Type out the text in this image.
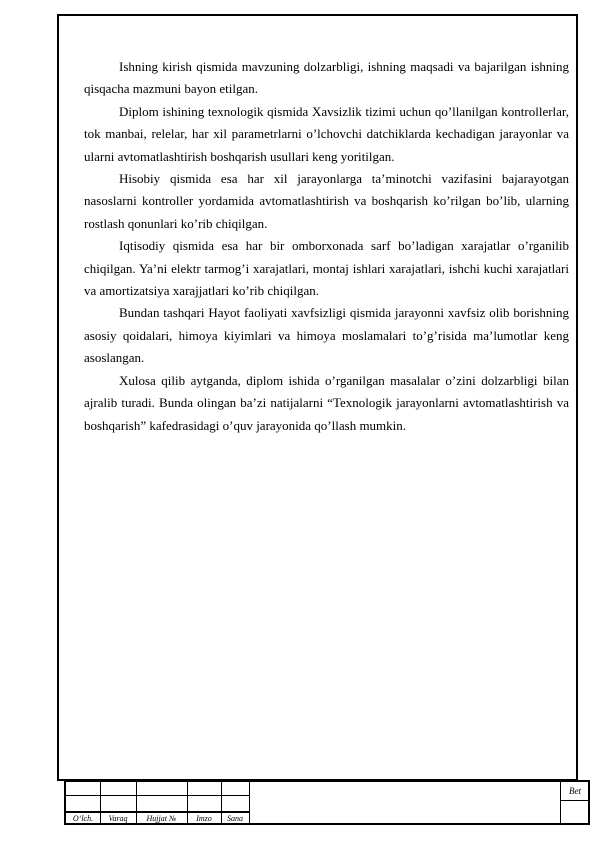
Ishning kirish qismida mavzuning dolzarbligi, ishning maqsadi va bajarilgan ishning qisqacha mazmuni bayon etilgan.

Diplom ishining texnologik qismida Xavsizlik tizimi uchun qo’llanilgan kontrollerlar, tok manbai, relelar, har xil parametrlarni o’lchovchi datchiklarda kechadigan jarayonlar va ularni avtomatlashtirish boshqarish usullari keng yoritilgan.

Hisobiy qismida esa har xil jarayonlarga ta’minotchi vazifasini bajarayotgan nasoslarni kontroller yordamida avtomatlashtirish va boshqarish ko’rilgan bo’lib, ularning rostlash qonunlari ko’rib chiqilgan.

Iqtisodiy qismida esa har bir omborxonada sarf bo’ladigan xarajatlar o’rganilib chiqilgan. Ya’ni elektr tarmog’i xarajatlari, montaj ishlari xarajatlari, ishchi kuchi xarajatlari va amortizatsiya xarajjatlari ko’rib chiqilgan.

Bundan tashqari Hayot faoliyati xavfsizligi qismida jarayonni xavfsiz olib borishning asosiy qoidalari, himoya kiyimlari va himoya moslamalari to’g’risida ma’lumotlar keng asoslangan.

Xulosa qilib aytganda, diplom ishida o’rganilgan masalalar o’zini dolzarbligi bilan ajralib turadi. Bunda olingan ba’zi natijalarni “Texnologik jarayonlarni avtomatlashtirish va boshqarish” kafedrasidagi o’quv jarayonida qo’llash mumkin.

O‘lch.	Varaq	Hujjat №	Imzo	Sana
Bet
